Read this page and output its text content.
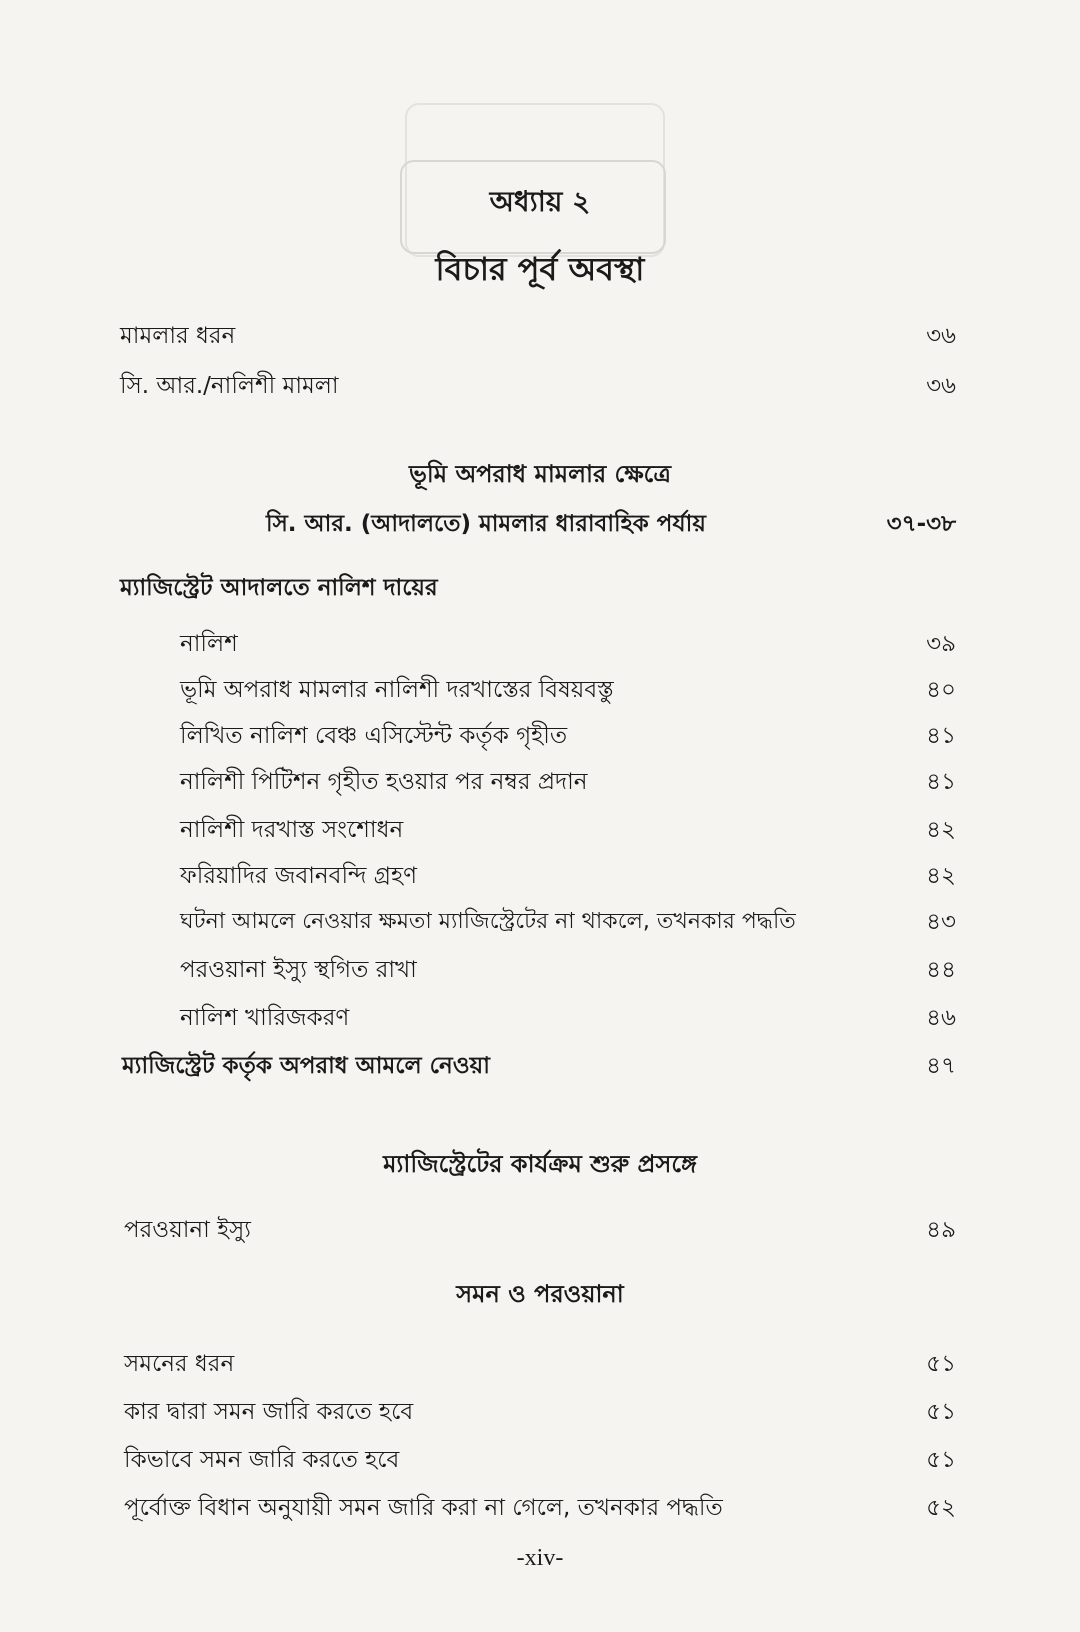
অধ্যায় ২
বিচার পূর্ব অবস্থা
মামলার ধরন	৩৬
সি. আর./নালিশী মামলা	৩৬
ভূমি অপরাধ মামলার ক্ষেত্রে
সি. আর. (আদালতে) মামলার ধারাবাহিক পর্যায়	৩৭-৩৮
ম্যাজিস্ট্রেট আদালতে নালিশ দায়ের
নালিশ	৩৯
ভূমি অপরাধ মামলার নালিশী দরখাস্তের বিষয়বস্তু	৪০
লিখিত নালিশ বেঞ্চ এসিস্টেন্ট কর্তৃক গৃহীত	৪১
নালিশী পিটিশন গৃহীত হওয়ার পর নম্বর প্রদান	৪১
নালিশী দরখাস্ত সংশোধন	৪২
ফরিয়াদির জবানবন্দি গ্রহণ	৪২
ঘটনা আমলে নেওয়ার ক্ষমতা ম্যাজিস্ট্রেটের না থাকলে, তখনকার পদ্ধতি	৪৩
পরওয়ানা ইস্যু স্থগিত রাখা	৪৪
নালিশ খারিজকরণ	৪৬
ম্যাজিস্ট্রেট কর্তৃক অপরাধ আমলে নেওয়া	৪৭
ম্যাজিস্ট্রেটের কার্যক্রম শুরু প্রসঙ্গে
পরওয়ানা ইস্যু	৪৯
সমন ও পরওয়ানা
সমনের ধরন	৫১
কার দ্বারা সমন জারি করতে হবে	৫১
কিভাবে সমন জারি করতে হবে	৫১
পূর্বোক্ত বিধান অনুযায়ী সমন জারি করা না গেলে, তখনকার পদ্ধতি	৫২
-xiv-
